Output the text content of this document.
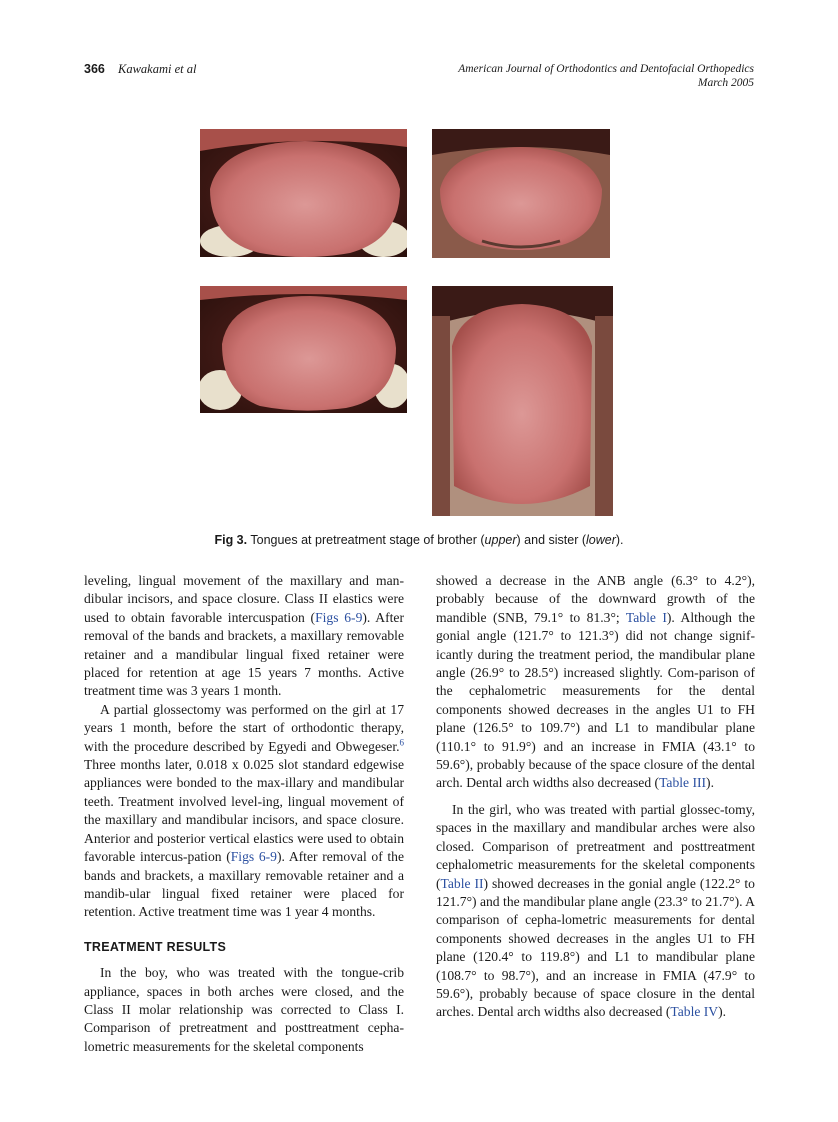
366 Kawakami et al	American Journal of Orthodontics and Dentofacial Orthopedics
March 2005
Fig 3. Tongues at pretreatment stage of brother (upper) and sister (lower).

leveling, lingual movement of the maxillary and man-dibular incisors, and space closure. Class II elastics were used to obtain favorable intercuspation (Figs 6-9). After removal of the bands and brackets, a maxillary removable retainer and a mandibular lingual fixed retainer were placed for retention at age 15 years 7 months. Active treatment time was 3 years 1 month.

A partial glossectomy was performed on the girl at 17 years 1 month, before the start of orthodontic therapy, with the procedure described by Egyedi and Obwegeser.$^6$ Three months later, 0.018 x 0.025 slot standard edgewise appliances were bonded to the max-illary and mandibular teeth. Treatment involved level-ing, lingual movement of the maxillary and mandibular incisors, and space closure. Anterior and posterior vertical elastics were used to obtain favorable intercus-pation (Figs 6-9). After removal of the bands and brackets, a maxillary removable retainer and a mandib-ular lingual fixed retainer were placed for retention. Active treatment time was 1 year 4 months.

TREATMENT RESULTS

In the boy, who was treated with the tongue-crib appliance, spaces in both arches were closed, and the Class II molar relationship was corrected to Class I. Comparison of pretreatment and posttreatment cepha-lometric measurements for the skeletal components

showed a decrease in the ANB angle (6.3° to 4.2°), probably because of the downward growth of the mandible (SNB, 79.1° to 81.3°; Table I). Although the gonial angle (121.7° to 121.3°) did not change signif-icantly during the treatment period, the mandibular plane angle (26.9° to 28.5°) increased slightly. Com-parison of the cephalometric measurements for the dental components showed decreases in the angles U1 to FH plane (126.5° to 109.7°) and L1 to mandibular plane (110.1° to 91.9°) and an increase in FMIA (43.1° to 59.6°), probably because of the space closure of the dental arch. Dental arch widths also decreased (Table III).

In the girl, who was treated with partial glossec-tomy, spaces in the maxillary and mandibular arches were also closed. Comparison of pretreatment and posttreatment cephalometric measurements for the skeletal components (Table II) showed decreases in the gonial angle (122.2° to 121.7°) and the mandibular plane angle (23.3° to 21.7°). A comparison of cepha-lometric measurements for dental components showed decreases in the angles U1 to FH plane (120.4° to 119.8°) and L1 to mandibular plane (108.7° to 98.7°), and an increase in FMIA (47.9° to 59.6°), probably because of space closure in the dental arches. Dental arch widths also decreased (Table IV).
